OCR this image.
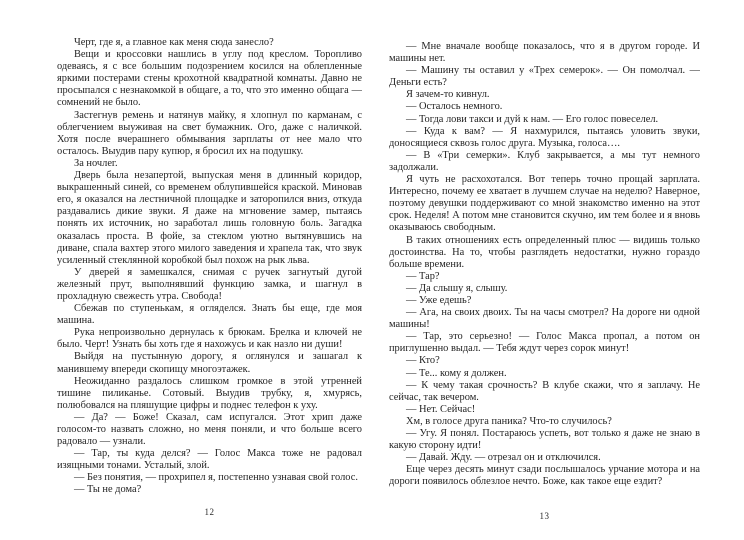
Черт, где я, а главное как меня сюда занесло?

Вещи и кроссовки нашлись в углу под креслом. Торопливо одеваясь, я с все большим подозрением косился на облепленные яркими постерами стены крохотной квадратной комнаты. Давно не просыпался с незнакомкой в общаге, а то, что это именно общага — сомнений не было.

Застегнув ремень и натянув майку, я хлопнул по карманам, с облегчением выуживая на свет бумажник. Ого, даже с наличкой. Хотя после вчерашнего обмывания зарплаты от нее мало что осталось. Выудив пару купюр, я бросил их на подушку.

За ночлег.

Дверь была незапертой, выпуская меня в длинный коридор, выкрашенный синей, со временем облупившейся краской. Миновав его, я оказался на лестничной площадке и заторопился вниз, откуда раздавались дикие звуки. Я даже на мгновение замер, пытаясь понять их источник, но заработал лишь головную боль. Загадка оказалась проста. В фойе, за стеклом уютно вытянувшись на диване, спала вахтер этого милого заведения и храпела так, что звук усиленный стеклянной коробкой был похож на рык льва.

У дверей я замешкался, снимая с ручек загнутый дугой железный прут, выполнявший функцию замка, и шагнул в прохладную свежесть утра. Свобода!

Сбежав по ступенькам, я огляделся. Знать бы еще, где моя машина.

Рука непроизвольно дернулась к брюкам. Брелка и ключей не было. Черт! Узнать бы хоть где я нахожусь и как назло ни души!

Выйдя на пустынную дорогу, я оглянулся и зашагал к манившему впереди скопищу многоэтажек.

Неожиданно раздалось слишком громкое в этой утренней тишине пиликанье. Сотовый. Выудив трубку, я, хмурясь, полюбовался на пляшущие цифры и поднес телефон к уху.

— Да? — Боже! Сказал, сам испугался. Этот хрип даже голосом-то назвать сложно, но меня поняли, и что больше всего радовало — узнали.

— Тар, ты куда делся? — Голос Макса тоже не радовал изящными тонами. Усталый, злой.

— Без понятия, — прохрипел я, постепенно узнавая свой голос.

— Ты не дома?

12

— Мне вначале вообще показалось, что я в другом городе. И машины нет.

— Машину ты оставил у «Трех семерок». — Он помолчал. — Деньги есть?

Я зачем-то кивнул.

— Осталось немного.

— Тогда лови такси и дуй к нам. — Его голос повеселел.

— Куда к вам? — Я нахмурился, пытаясь уловить звуки, доносящиеся сквозь голос друга. Музыка, голоса….

— В «Три семерки». Клуб закрывается, а мы тут немного задолжали.

Я чуть не расхохотался. Вот теперь точно прощай зарплата. Интересно, почему ее хватает в лучшем случае на неделю? Наверное, поэтому девушки поддерживают со мной знакомство именно на этот срок. Неделя! А потом мне становится скучно, им тем более и я вновь оказываюсь свободным.

В таких отношениях есть определенный плюс — видишь только достоинства. На то, чтобы разглядеть недостатки, нужно гораздо больше времени.

— Тар?

— Да слышу я, слышу.

— Уже едешь?

— Ага, на своих двоих. Ты на часы смотрел? На дороге ни одной машины!

— Тар, это серьезно! — Голос Макса пропал, а потом он приглушенно выдал. — Тебя ждут через сорок минут!

— Кто?

— Те... кому я должен.

— К чему такая срочность? В клубе скажи, что я заплачу. Не сейчас, так вечером.

— Нет. Сейчас!

Хм, в голосе друга паника? Что-то случилось?

— Угу. Я понял. Постараюсь успеть, вот только я даже не знаю в какую сторону идти!

— Давай. Жду. — отрезал он и отключился.

Еще через десять минут сзади послышалось урчание мотора и на дороги появилось облезлое нечто. Боже, как такое еще ездит?

13
